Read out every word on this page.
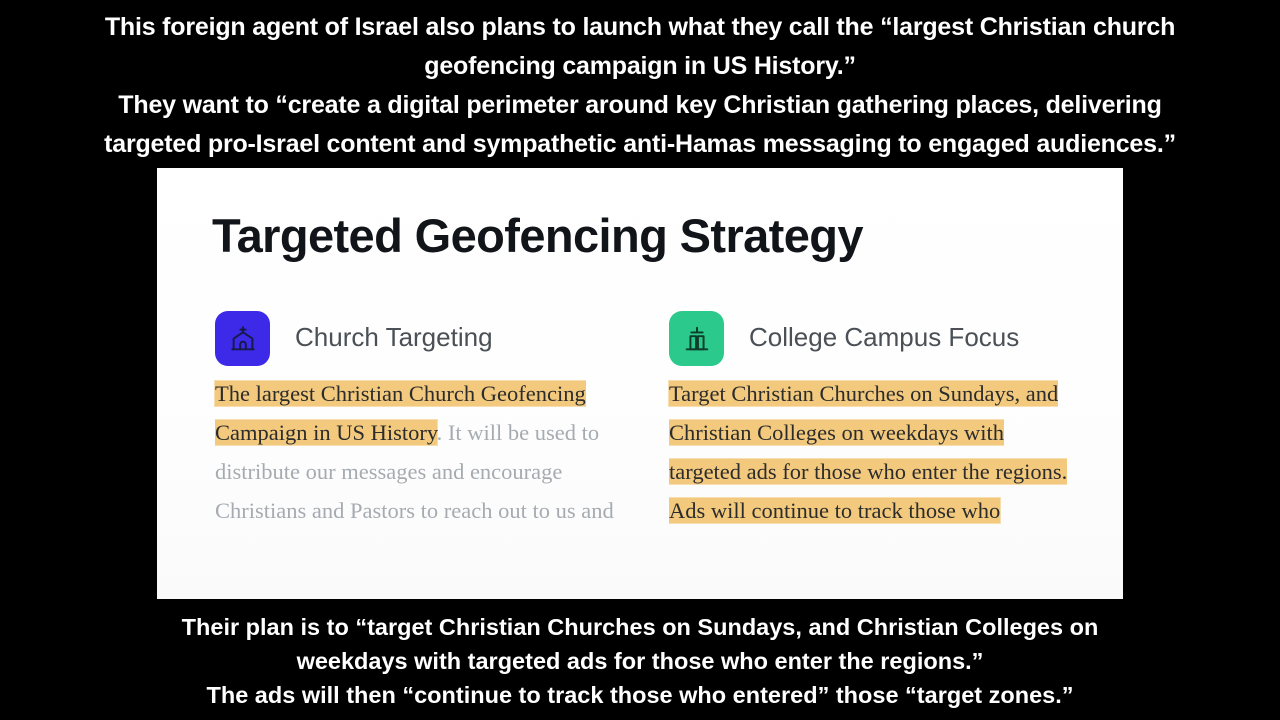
This foreign agent of Israel also plans to launch what they call the “largest Christian church
geofencing campaign in US History.”
They want to “create a digital perimeter around key Christian gathering places, delivering
targeted pro-Israel content and sympathetic anti-Hamas messaging to engaged audiences.”
Targeted Geofencing Strategy
Church Targeting
The largest Christian Church Geofencing Campaign in US History. It will be used to distribute our messages and encourage Christians and Pastors to reach out to us and
College Campus Focus
Target Christian Churches on Sundays, and Christian Colleges on weekdays with targeted ads for those who enter the regions. Ads will continue to track those who
Their plan is to “target Christian Churches on Sundays, and Christian Colleges on
weekdays with targeted ads for those who enter the regions.”
The ads will then “continue to track those who entered” those “target zones.”
